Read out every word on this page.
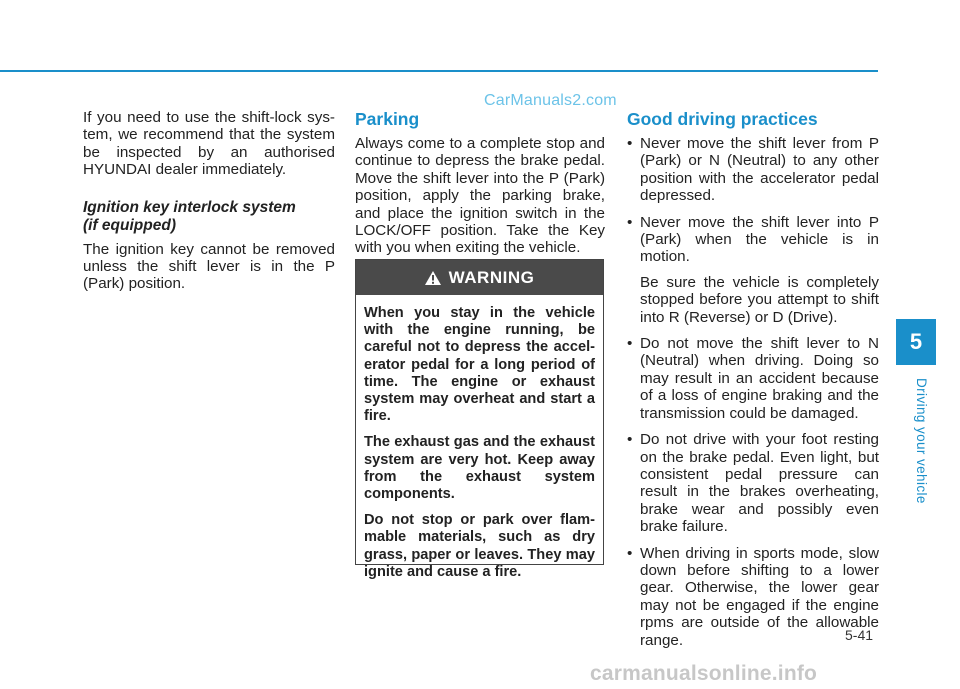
CarManuals2.com

If you need to use the shift-lock sys-tem, we recommend that the system be inspected by an authorised HYUNDAI dealer immediately.

Ignition key interlock system
(if equipped)

The ignition key cannot be removed unless the shift lever is in the P (Park) position.

Parking

Always come to a complete stop and continue to depress the brake pedal. Move the shift lever into the P (Park) position, apply the parking brake, and place the ignition switch in the LOCK/OFF position. Take the Key with you when exiting the vehicle.

WARNING

When you stay in the vehicle with the engine running, be careful not to depress the accel-erator pedal for a long period of time. The engine or exhaust system may overheat and start a fire.

The exhaust gas and the exhaust system are very hot. Keep away from the exhaust system components.

Do not stop or park over flam-mable materials, such as dry grass, paper or leaves. They may ignite and cause a fire.

Good driving practices
• Never move the shift lever from P (Park) or N (Neutral) to any other position with the accelerator pedal depressed.
• Never move the shift lever into P (Park) when the vehicle is in motion.
Be sure the vehicle is completely stopped before you attempt to shift into R (Reverse) or D (Drive).
• Do not move the shift lever to N (Neutral) when driving. Doing so may result in an accident because of a loss of engine braking and the transmission could be damaged.
• Do not drive with your foot resting on the brake pedal. Even light, but consistent pedal pressure can result in the brakes overheating, brake wear and possibly even brake failure.
• When driving in sports mode, slow down before shifting to a lower gear. Otherwise, the lower gear may not be engaged if the engine rpms are outside of the allowable range.
5
Driving your vehicle
5-41
carmanualsonline.info
